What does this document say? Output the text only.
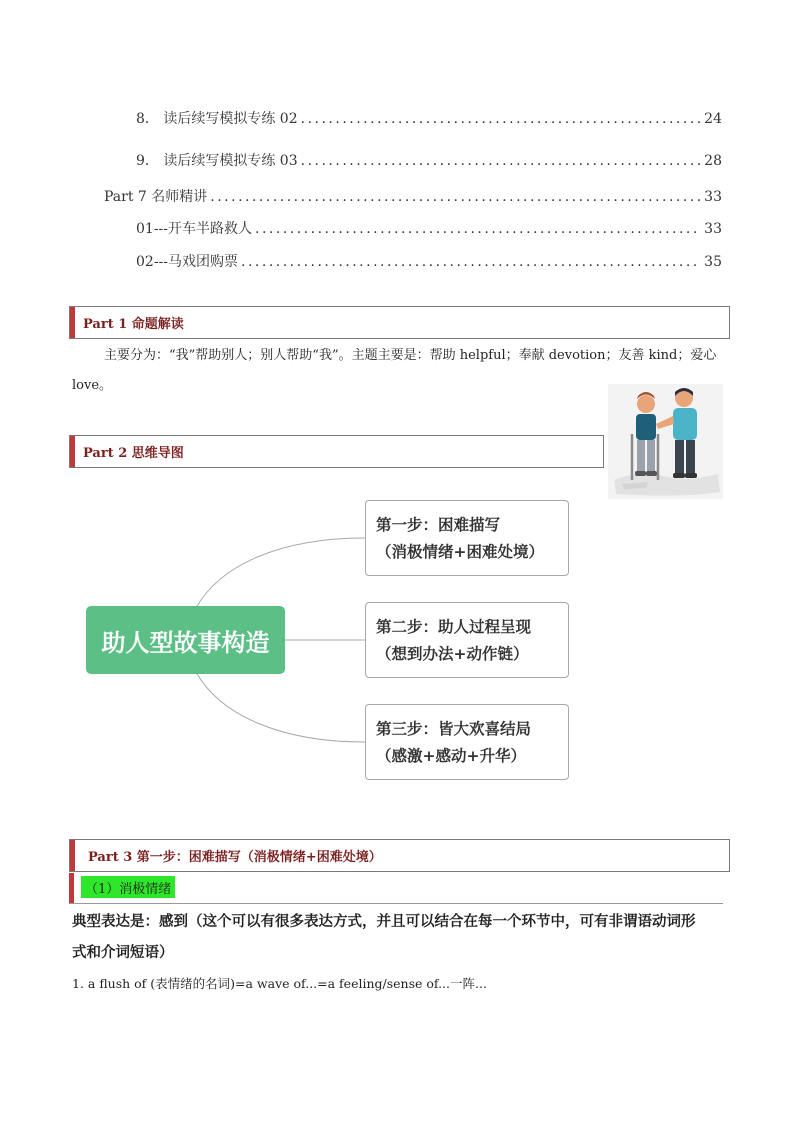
8． 读后续写模拟专练 02 .....	24
9． 读后续写模拟专练 03 .....	28
Part 7 名师精讲 .....	33
01---开车半路救人 .....	33
02---马戏团购票 .....	35
Part 1 命题解读
主要分为：“我”帮助别人；别人帮助“我”。主题主要是：帮助 helpful；奉献 devotion；友善 kind；爱心
love。
Part 2 思维导图
助人型故事构造
第一步：困难描写
（消极情绪+困难处境）
第二步：助人过程呈现
（想到办法+动作链）
第三步：皆大欢喜结局
（感激+感动+升华）
Part 3 第一步：困难描写（消极情绪+困难处境）
（1）消极情绪
典型表达是：感到（这个可以有很多表达方式，并且可以结合在每一个环节中，可有非谓语动词形
式和介词短语）
1. a flush of (表情绪的名词)=a wave of...=a feeling/sense of...一阵...
